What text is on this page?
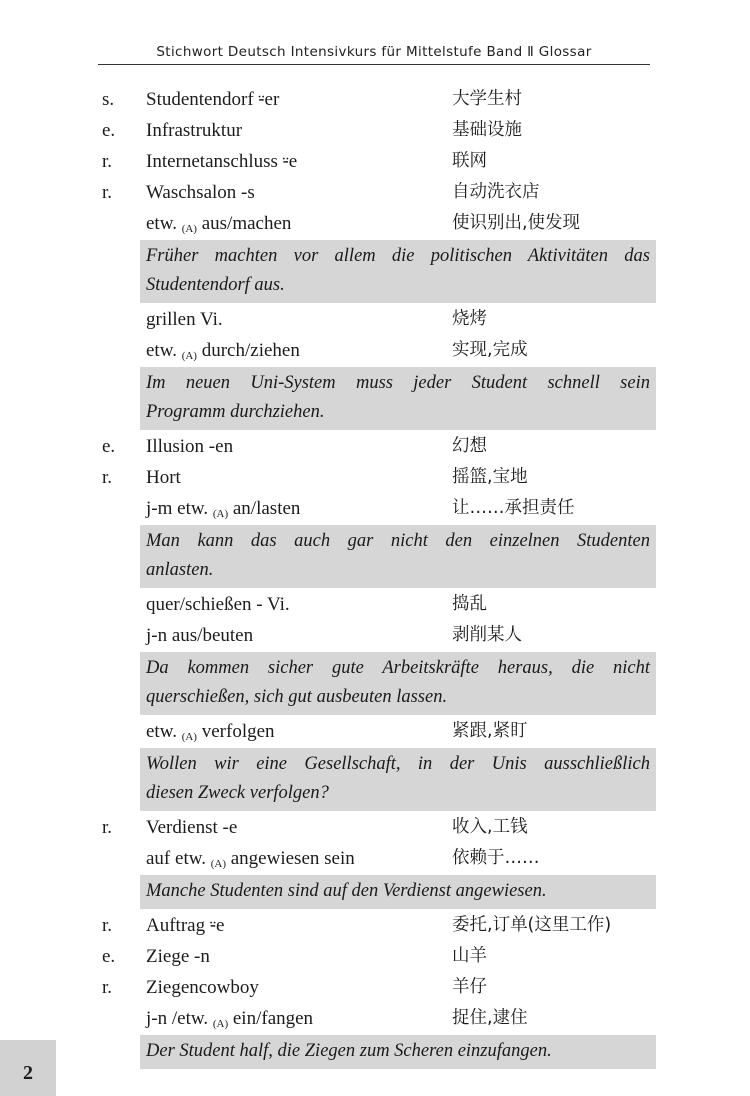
Stichwort Deutsch Intensivkurs für Mittelstufe Band Ⅱ Glossar
s. Studentendorf ⸚er	大学生村
e. Infrastruktur	基础设施
r. Internetanschluss ⸚e	联网
r. Waschsalon -s	自动洗衣店
etw. $_{(A)}$ aus/machen	使识别出,使发现
Früher machten vor allem die politischen Aktivitäten das
Studentendorf aus.
grillen Vi.	烧烤
etw. $_{(A)}$ durch/ziehen	实现,完成
Im neuen Uni-System muss jeder Student schnell sein
Programm durchziehen.
e. Illusion -en	幻想
r. Hort	摇篮,宝地
j-m etw. $_{(A)}$ an/lasten	让……承担责任
Man kann das auch gar nicht den einzelnen Studenten
anlasten.
quer/schießen - Vi.	捣乱
j-n aus/beuten	剥削某人
Da kommen sicher gute Arbeitskräfte heraus, die nicht
querschießen, sich gut ausbeuten lassen.
etw. $_{(A)}$ verfolgen	紧跟,紧盯
Wollen wir eine Gesellschaft, in der Unis ausschließlich
diesen Zweck verfolgen?
r. Verdienst -e	收入,工钱
auf etw. $_{(A)}$ angewiesen sein	依赖于……
Manche Studenten sind auf den Verdienst angewiesen.
r. Auftrag ⸚e	委托,订单(这里工作)
e. Ziege -n	山羊
r. Ziegencowboy	羊仔
j-n /etw. $_{(A)}$ ein/fangen	捉住,逮住
Der Student half, die Ziegen zum Scheren einzufangen.
2
